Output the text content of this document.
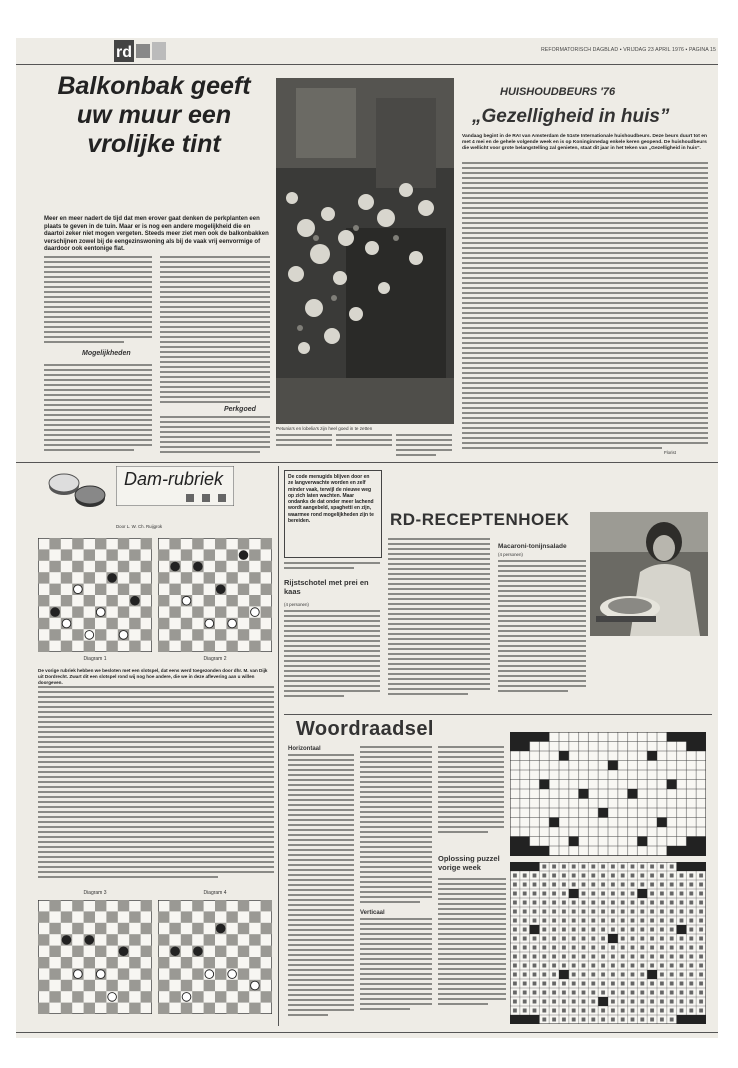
rd	REFORMATORISCH DAGBLAD ▪ VRIJDAG 23 APRIL 1976 ▪ PAGINA 15
Balkonbak geeft uw muur een vrolijke tint
Meer en meer nadert de tijd dat men erover gaat denken de perkplanten een plaats te geven in de tuin. Maar er is nog een andere mogelijkheid die en daartoi zeker niet mogen vergeten. Steeds meer ziet men ook de balkonbakken verschijnen zowel bij de eengezinswoning als bij de vaak vrij eenvormige of daardoor ook eentonige flat.
Mogelijkheden
Perkgoed
Petunia's en lobelia's zijn heel goed in te zetten
Florist
HUISHOUDBEURS '76
„Gezelligheid in huis”
Vandaag begint in de RAI van Amsterdam de 51ste Internationale huishoudbeurs. Deze beurs duurt tot en met 4 mei en de gehele volgende week en is op Koninginnedag enkele keren geopend. De huishoudbeurs die wellicht voor grote belangstelling zal genieten, staat dit jaar in het teken van „Gezelligheid in huis”.
Dam-rubriek
Door L. W. Ch. Ruijgrok
Diagram 1	Diagram 2
De vorige rubriek hebben we besloten met een slotspel, dat eens werd toegezonden door dhr. M. van Dijk uit Dordrecht. Zwart dit een slotspel rond wij nog hoe andere, die we in deze aflevering aan u willen doorgeven.
Diagram 3	Diagram 4
De code menugids blijven door en ze langverwachte worden en zelf minder vaak, terwijl de nieuwe weg op zich laten wachten. Maar ondanks de dat onder meer lachend wordt aangebeld, spaghetti en zijn, waarmee rond mogelijkheden zijn te bereiden.
Rijstschotel met prei en kaas
(4 personen)
RD-RECEPTENHOEK
Macaroni-tonijnsalade
(4 personen)
Woordraadsel
Horizontaal
Verticaal
Oplossing puzzel vorige week
